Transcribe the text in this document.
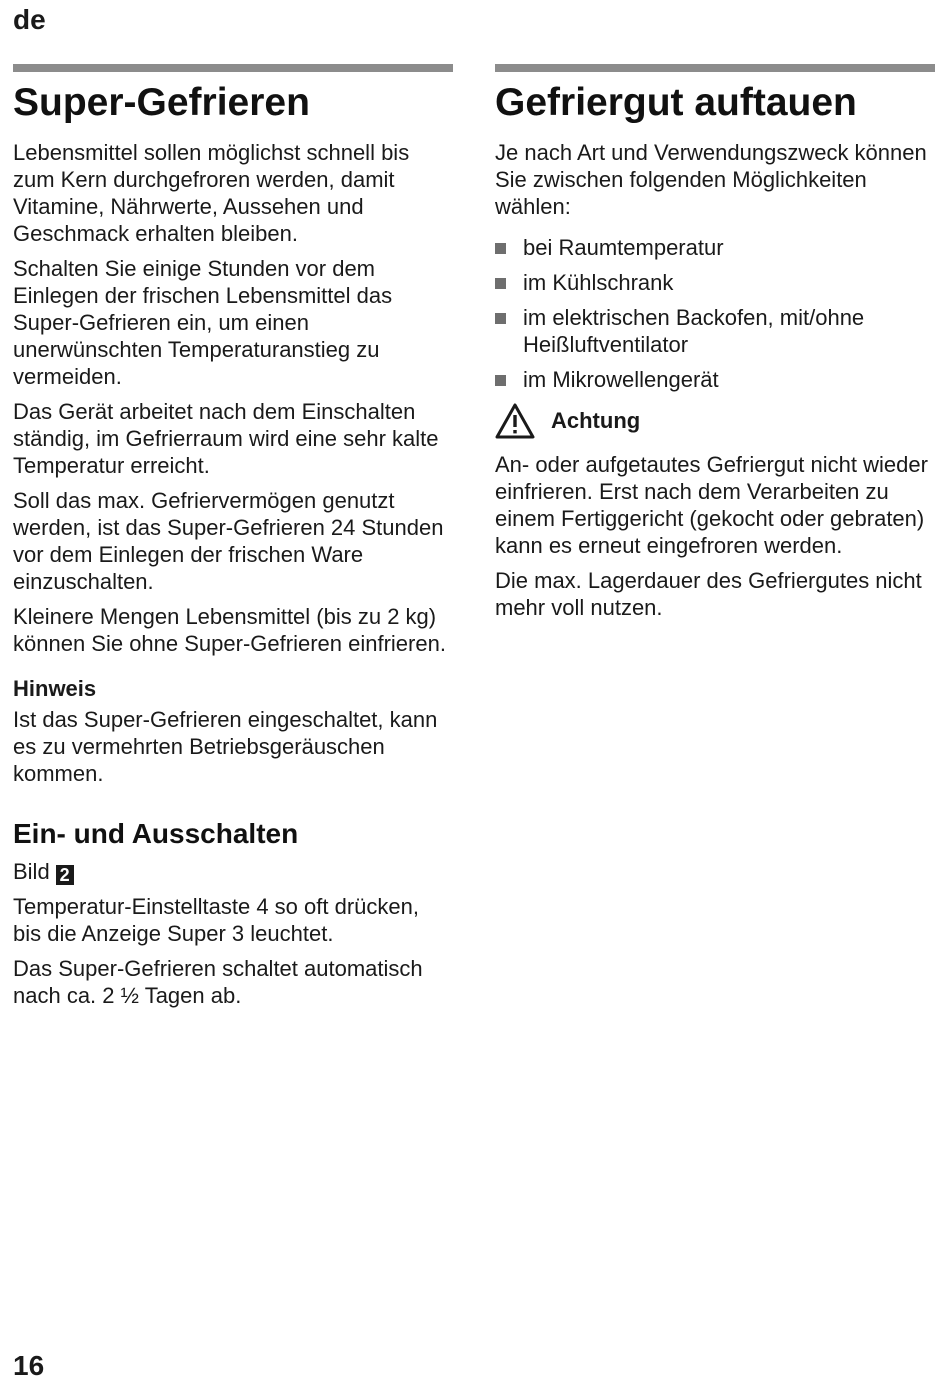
de
Super-Gefrieren

Lebensmittel sollen möglichst schnell bis zum Kern durchgefroren werden, damit Vitamine, Nährwerte, Aussehen und Geschmack erhalten bleiben.

Schalten Sie einige Stunden vor dem Einlegen der frischen Lebensmittel das Super-Gefrieren ein, um einen unerwünschten Temperaturanstieg zu vermeiden.

Das Gerät arbeitet nach dem Einschalten ständig, im Gefrierraum wird eine sehr kalte Temperatur erreicht.

Soll das max. Gefriervermögen genutzt werden, ist das Super-Gefrieren 24 Stunden vor dem Einlegen der frischen Ware einzuschalten.

Kleinere Mengen Lebensmittel (bis zu 2 kg) können Sie ohne Super-Gefrieren einfrieren.

Hinweis

Ist das Super-Gefrieren eingeschaltet, kann es zu vermehrten Betriebsgeräuschen kommen.

Ein- und Ausschalten
Bild 2

Temperatur-Einstelltaste 4 so oft drücken, bis die Anzeige Super 3 leuchtet.

Das Super-Gefrieren schaltet automatisch nach ca. 2 ½ Tagen ab.

Gefriergut auftauen

Je nach Art und Verwendungszweck können Sie zwischen folgenden Möglichkeiten wählen:

bei Raumtemperatur
im Kühlschrank
im elektrischen Backofen, mit/ohne Heißluftventilator
im Mikrowellengerät
Achtung

An- oder aufgetautes Gefriergut nicht wieder einfrieren. Erst nach dem Verarbeiten zu einem Fertiggericht (gekocht oder gebraten) kann es erneut eingefroren werden.

Die max. Lagerdauer des Gefriergutes nicht mehr voll nutzen.

16
